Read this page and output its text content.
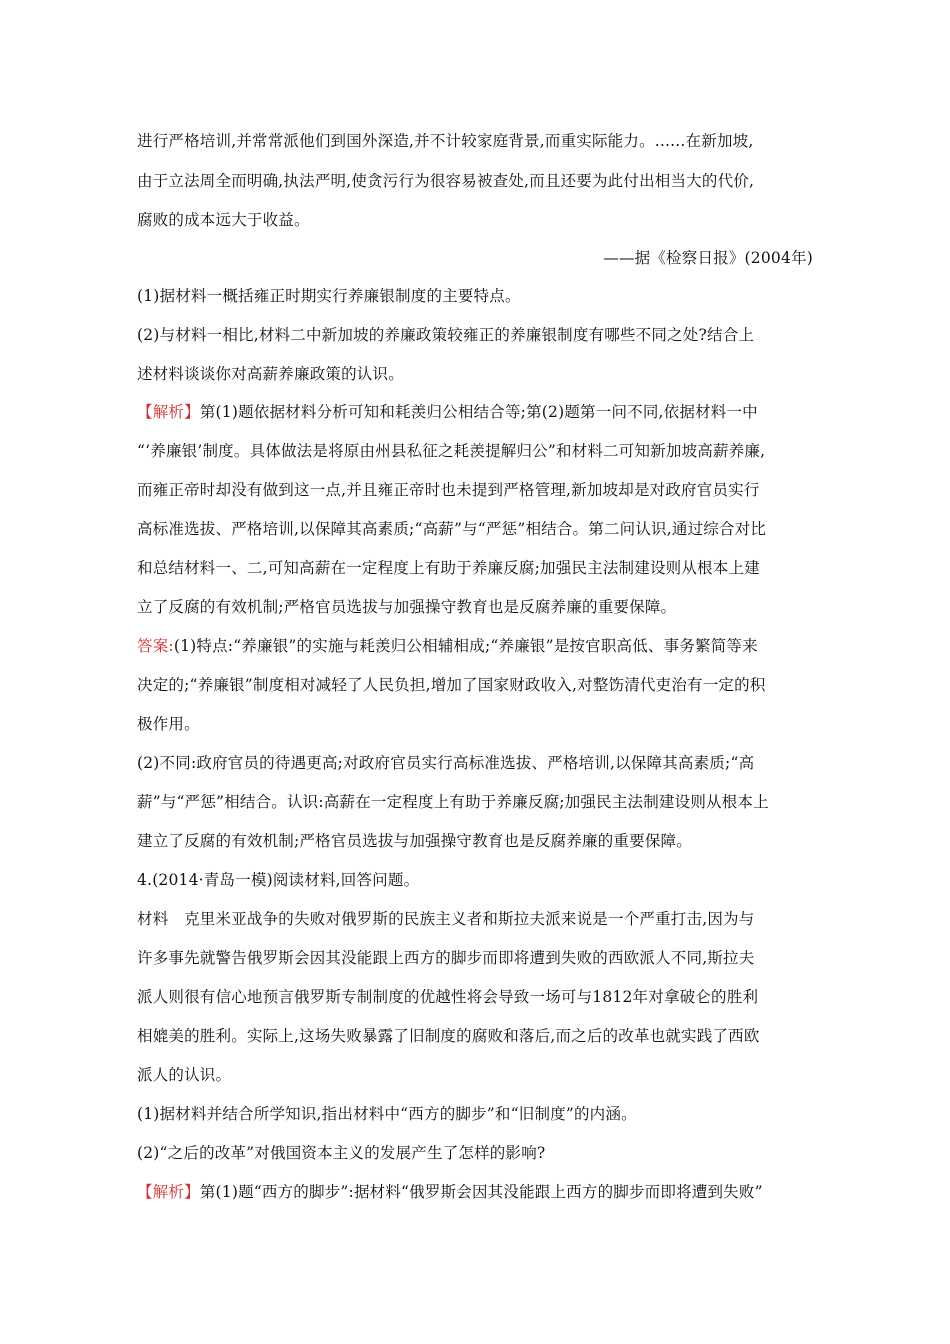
进行严格培训,并常常派他们到国外深造,并不计较家庭背景,而重实际能力。......在新加坡,
由于立法周全而明确,执法严明,使贪污行为很容易被查处,而且还要为此付出相当大的代价,
腐败的成本远大于收益。
——据《检察日报》(2004年)
(1)据材料一概括雍正时期实行养廉银制度的主要特点。
(2)与材料一相比,材料二中新加坡的养廉政策较雍正的养廉银制度有哪些不同之处?结合上
述材料谈谈你对高薪养廉政策的认识。
【解析】第(1)题依据材料分析可知和耗羡归公相结合等;第(2)题第一问不同,依据材料一中
“‘养廉银’制度。具体做法是将原由州县私征之耗羡提解归公”和材料二可知新加坡高薪养廉,
而雍正帝时却没有做到这一点,并且雍正帝时也未提到严格管理,新加坡却是对政府官员实行
高标准选拔、严格培训,以保障其高素质;“高薪”与“严惩”相结合。第二问认识,通过综合对比
和总结材料一、二,可知高薪在一定程度上有助于养廉反腐;加强民主法制建设则从根本上建
立了反腐的有效机制;严格官员选拔与加强操守教育也是反腐养廉的重要保障。
答案:(1)特点:“养廉银”的实施与耗羡归公相辅相成;“养廉银”是按官职高低、事务繁简等来
决定的;“养廉银”制度相对减轻了人民负担,增加了国家财政收入,对整饬清代吏治有一定的积
极作用。
(2)不同:政府官员的待遇更高;对政府官员实行高标准选拔、严格培训,以保障其高素质;“高
薪”与“严惩”相结合。认识:高薪在一定程度上有助于养廉反腐;加强民主法制建设则从根本上
建立了反腐的有效机制;严格官员选拔与加强操守教育也是反腐养廉的重要保障。
4.(2014·青岛一模)阅读材料,回答问题。
材料　克里米亚战争的失败对俄罗斯的民族主义者和斯拉夫派来说是一个严重打击,因为与
许多事先就警告俄罗斯会因其没能跟上西方的脚步而即将遭到失败的西欧派人不同,斯拉夫
派人则很有信心地预言俄罗斯专制制度的优越性将会导致一场可与1812年对拿破仑的胜利
相媲美的胜利。实际上,这场失败暴露了旧制度的腐败和落后,而之后的改革也就实践了西欧
派人的认识。
(1)据材料并结合所学知识,指出材料中“西方的脚步”和“旧制度”的内涵。
(2)“之后的改革”对俄国资本主义的发展产生了怎样的影响?
【解析】第(1)题“西方的脚步”:据材料“俄罗斯会因其没能跟上西方的脚步而即将遭到失败”
